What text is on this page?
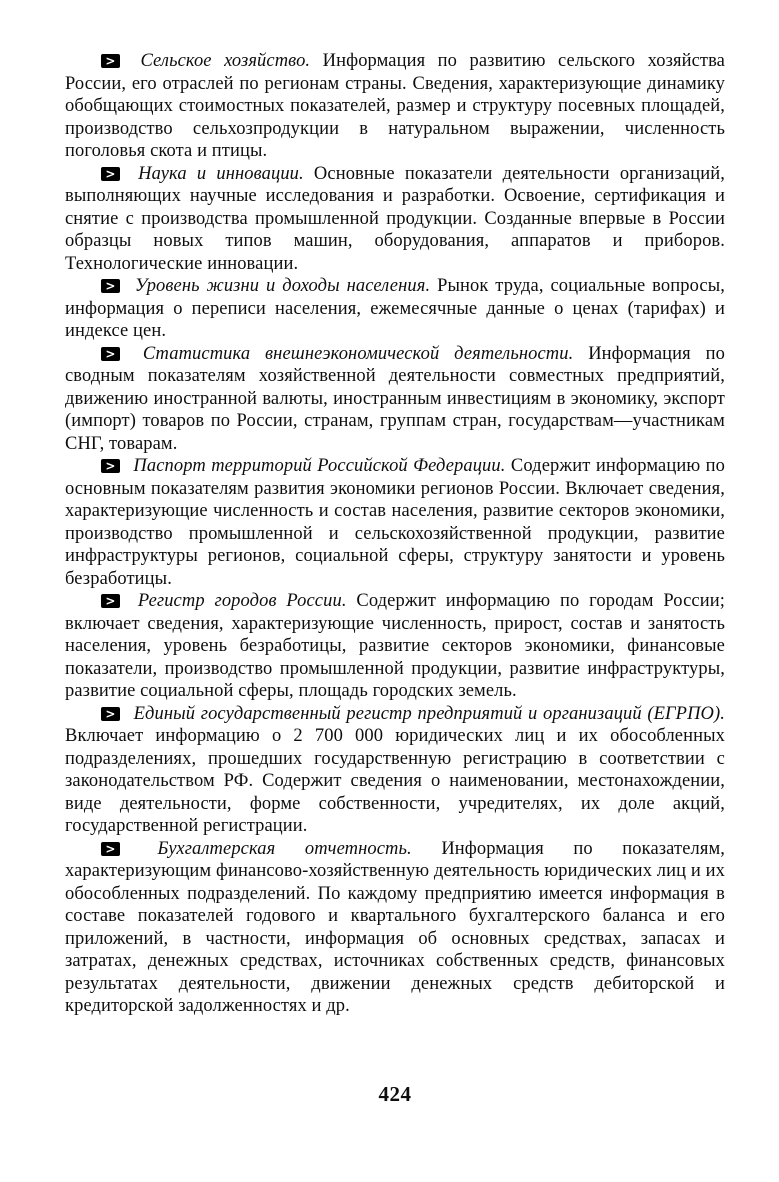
> Сельское хозяйство. Информация по развитию сельского хозяйства России, его отраслей по регионам страны. Сведения, характеризующие динамику обобщающих стоимостных показателей, размер и структуру посевных площадей, производство сельхозпродукции в натуральном выражении, численность поголовья скота и птицы.

> Наука и инновации. Основные показатели деятельности организаций, выполняющих научные исследования и разработки. Освоение, сертификация и снятие с производства промышленной продукции. Созданные впервые в России образцы новых типов машин, оборудования, аппаратов и приборов. Технологические инновации.

> Уровень жизни и доходы населения. Рынок труда, социальные вопросы, информация о переписи населения, ежемесячные данные о ценах (тарифах) и индексе цен.

> Статистика внешнеэкономической деятельности. Информация по сводным показателям хозяйственной деятельности совместных предприятий, движению иностранной валюты, иностранным инвестициям в экономику, экспорт (импорт) товаров по России, странам, группам стран, государствам—участникам СНГ, товарам.

> Паспорт территорий Российской Федерации. Содержит информацию по основным показателям развития экономики регионов России. Включает сведения, характеризующие численность и состав населения, развитие секторов экономики, производство промышленной и сельскохозяйственной продукции, развитие инфраструктуры регионов, социальной сферы, структуру занятости и уровень безработицы.

> Регистр городов России. Содержит информацию по городам России; включает сведения, характеризующие численность, прирост, состав и занятость населения, уровень безработицы, развитие секторов экономики, финансовые показатели, производство промышленной продукции, развитие инфраструктуры, развитие социальной сферы, площадь городских земель.

> Единый государственный регистр предприятий и организаций (ЕГРПО). Включает информацию о 2 700 000 юридических лиц и их обособленных подразделениях, прошедших государственную регистрацию в соответствии с законодательством РФ. Содержит сведения о наименовании, местонахождении, виде деятельности, форме собственности, учредителях, их доле акций, государственной регистрации.

> Бухгалтерская отчетность. Информация по показателям, характеризующим финансово-хозяйственную деятельность юридических лиц и их обособленных подразделений. По каждому предприятию имеется информация в составе показателей годового и квартального бухгалтерского баланса и его приложений, в частности, информация об основных средствах, запасах и затратах, денежных средствах, источниках собственных средств, финансовых результатах деятельности, движении денежных средств дебиторской и кредиторской задолженностях и др.

424
